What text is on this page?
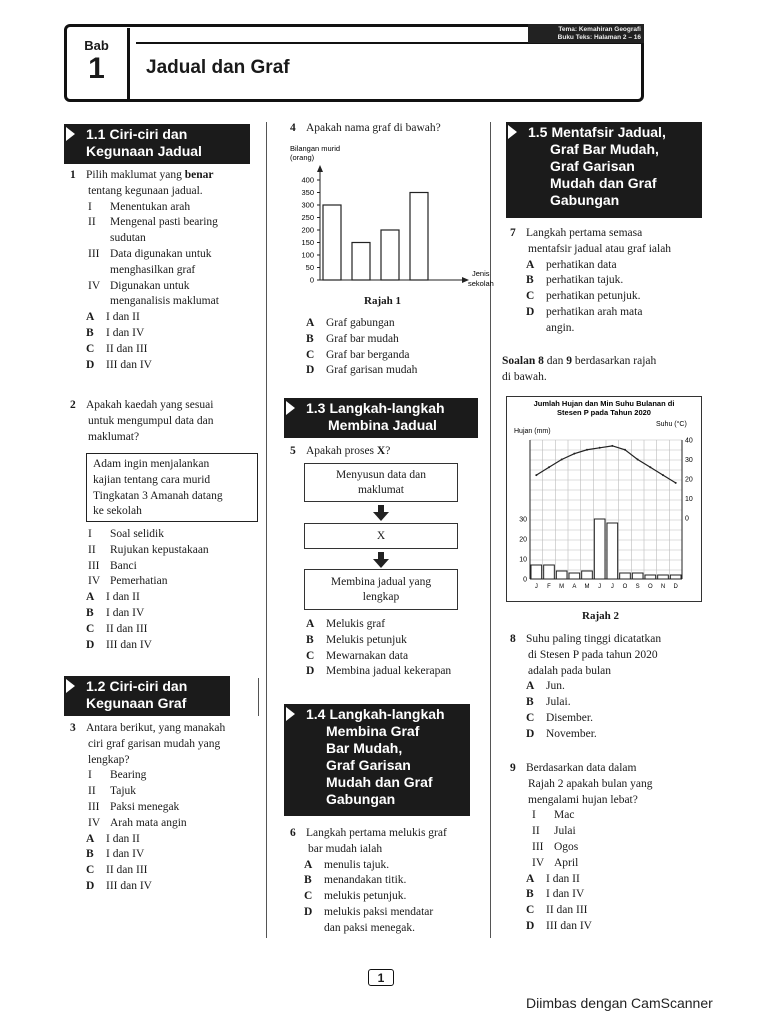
Bab
1	Jadual dan Graf
Tema: Kemahiran Geografi
Buku Teks: Halaman 2 – 16
1.1 Ciri-ciri dan
Kegunaan Jadual
1 Pilih maklumat yang benar
tentang kegunaan jadual.
I	Menentukan arah
II	Mengenal pasti bearing
sudutan
III Data digunakan untuk
menghasilkan graf
IV Digunakan untuk
menganalisis maklumat
A	I dan II
B	I dan IV
C	II dan III
D	III dan IV
2 Apakah kaedah yang sesuai
untuk mengumpul data dan
maklumat?
Adam ingin menjalankan
kajian tentang cara murid
Tingkatan 3 Amanah datang
ke sekolah
I	Soal selidik
II	Rujukan kepustakaan
III Banci
IV Pemerhatian
A	I dan II
B	I dan IV
C	II dan III
D	III dan IV
1.2 Ciri-ciri dan
Kegunaan Graf
3 Antara berikut, yang manakah
ciri graf garisan mudah yang
lengkap?
I	Bearing
II	Tajuk
III Paksi menegak
IV Arah mata angin
A	I dan II
B	I dan IV
C	II dan III
D	III dan IV
4 Apakah nama graf di bawah?
Bilangan murid
(orang)
0
50
100
150
200
250
300
350
400
Jenis
sekolah
Rajah 1
A	Graf gabungan
B	Graf bar mudah
C	Graf bar berganda
D	Graf garisan mudah
1.3 Langkah-langkah
Membina Jadual
5 Apakah proses X?
Menyusun data dan
maklumat
X
Membina jadual yang
lengkap
A	Melukis graf
B	Melukis petunjuk
C	Mewarnakan data
D	Membina jadual kekerapan
1.4 Langkah-langkah
Membina Graf
Bar Mudah,
Graf Garisan
Mudah dan Graf
Gabungan
6 Langkah pertama melukis graf
bar mudah ialah
A	menulis tajuk.
B	menandakan titik.
C	melukis petunjuk.
D	melukis paksi mendatar
dan paksi menegak.
1.5 Mentafsir Jadual,
Graf Bar Mudah,
Graf Garisan
Mudah dan Graf
Gabungan
7 Langkah pertama semasa
mentafsir jadual atau graf ialah
A	perhatikan data
B	perhatikan tajuk.
C	perhatikan petunjuk.
D	perhatikan arah mata
angin.
Soalan 8 dan 9 berdasarkan rajah
di bawah.
Jumlah Hujan dan Min Suhu Bulanan di
Stesen P pada Tahun 2020
Hujan (mm)
Suhu (°C)
0
10
20
30	0
10
20
30
40
J F M A M J J O S O N D
Rajah 2
8 Suhu paling tinggi dicatatkan
di Stesen P pada tahun 2020
adalah pada bulan
A	Jun.
B	Julai.
C	Disember.
D	November.
9 Berdasarkan data dalam
Rajah 2 apakah bulan yang
mengalami hujan lebat?
I	Mac
II	Julai
III Ogos
IV April
A	I dan II
B	I dan IV
C	II dan III
D	III dan IV
1
Diimbas dengan CamScanner
